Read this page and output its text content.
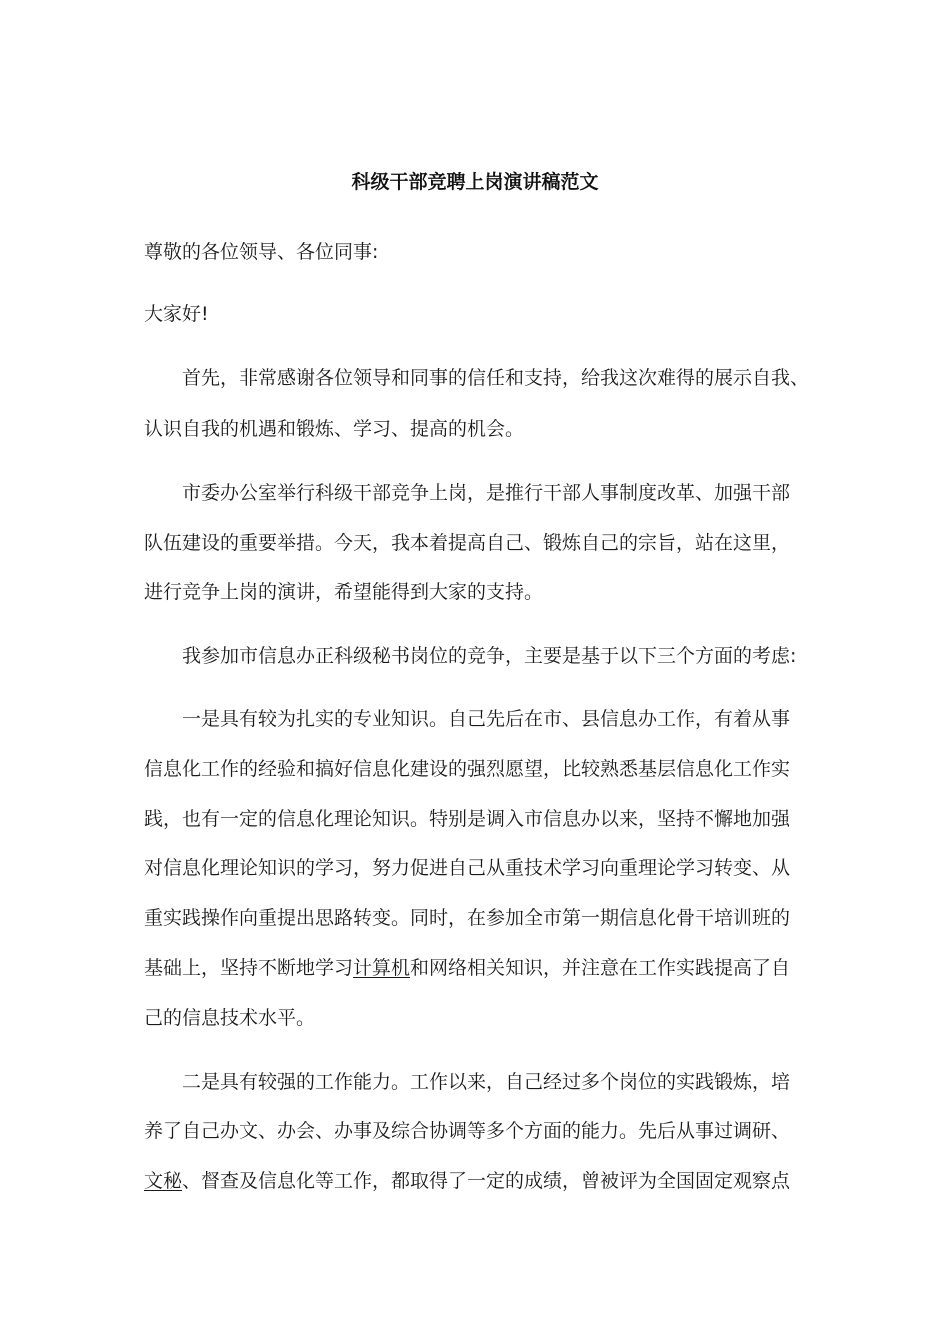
科级干部竞聘上岗演讲稿范文
尊敬的各位领导、各位同事:
大家好!
首先，非常感谢各位领导和同事的信任和支持，给我这次难得的展示自我、
认识自我的机遇和锻炼、学习、提高的机会。
市委办公室举行科级干部竞争上岗，是推行干部人事制度改革、加强干部
队伍建设的重要举措。今天，我本着提高自己、锻炼自己的宗旨，站在这里，
进行竞争上岗的演讲，希望能得到大家的支持。
我参加市信息办正科级秘书岗位的竞争，主要是基于以下三个方面的考虑:
一是具有较为扎实的专业知识。自己先后在市、县信息办工作，有着从事
信息化工作的经验和搞好信息化建设的强烈愿望，比较熟悉基层信息化工作实
践，也有一定的信息化理论知识。特别是调入市信息办以来，坚持不懈地加强
对信息化理论知识的学习，努力促进自己从重技术学习向重理论学习转变、从
重实践操作向重提出思路转变。同时，在参加全市第一期信息化骨干培训班的
基础上，坚持不断地学习计算机和网络相关知识，并注意在工作实践提高了自
己的信息技术水平。
二是具有较强的工作能力。工作以来，自己经过多个岗位的实践锻炼，培
养了自己办文、办会、办事及综合协调等多个方面的能力。先后从事过调研、
文秘、督查及信息化等工作，都取得了一定的成绩，曾被评为全国固定观察点
